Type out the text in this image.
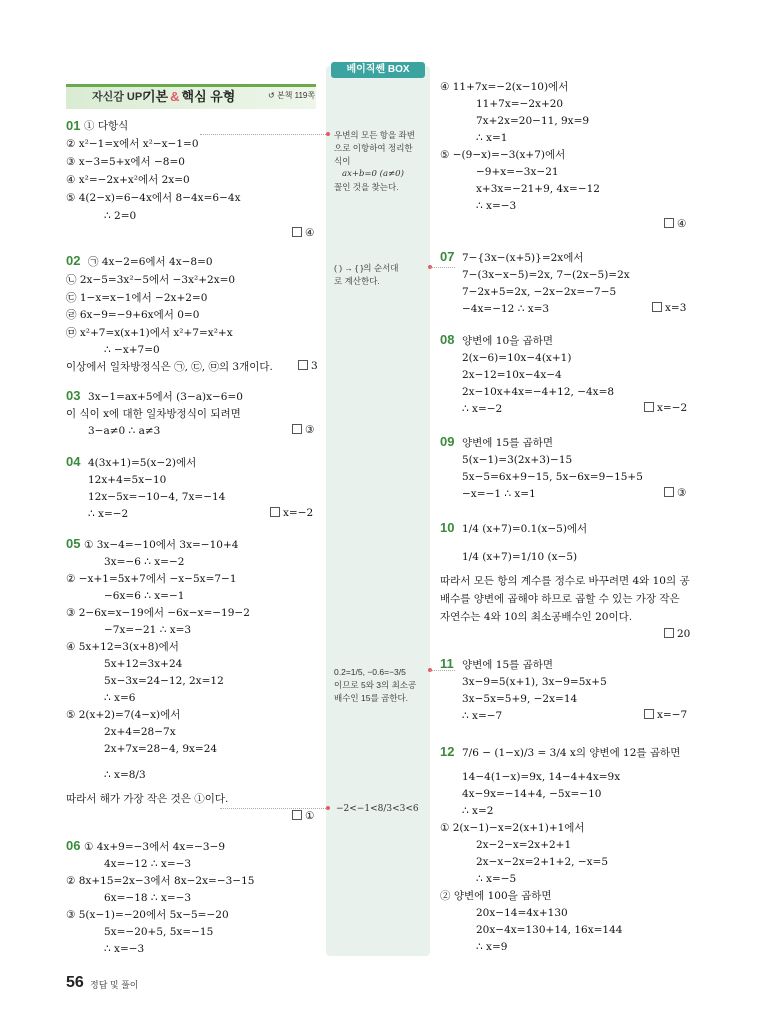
자신감 UP!
기본 & 핵심 유형	↺ 본책 119쪽
베이직쎈 BOX
우변의 모든 항을 좌변
으로 이항하여 정리한
식이
ax+b=0 (a≠0)
꼴인 것을 찾는다.
( ) → { }의 순서대
로 계산한다.
0.2=1/5, −0.6=−3/5
이므로 5와 3의 최소공
배수인 15를 곱한다.
−2<−1<8/3<3<6
01 ① 다항식
② x²−1=x에서 x²−x−1=0
③ x−3=5+x에서 −8=0
④ x²=−2x+x²에서 2x=0
⑤ 4(2−x)=6−4x에서 8−4x=6−4x
∴ 2=0
④
02 ㉠ 4x−2=6에서 4x−8=0
㉡ 2x−5=3x²−5에서 −3x²+2x=0
㉢ 1−x=x−1에서 −2x+2=0
㉣ 6x−9=−9+6x에서 0=0
㉤ x²+7=x(x+1)에서 x²+7=x²+x
∴ −x+7=0
이상에서 일차방정식은 ㉠, ㉢, ㉤의 3개이다.	3
03 3x−1=ax+5에서 (3−a)x−6=0
이 식이 x에 대한 일차방정식이 되려면
3−a≠0 ∴ a≠3	③
04 4(3x+1)=5(x−2)에서
12x+4=5x−10
12x−5x=−10−4, 7x=−14
∴ x=−2	x=−2
05 ① 3x−4=−10에서 3x=−10+4
3x=−6 ∴ x=−2
② −x+1=5x+7에서 −x−5x=7−1
−6x=6 ∴ x=−1
③ 2−6x=x−19에서 −6x−x=−19−2
−7x=−21 ∴ x=3
④ 5x+12=3(x+8)에서
5x+12=3x+24
5x−3x=24−12, 2x=12
∴ x=6
⑤ 2(x+2)=7(4−x)에서
2x+4=28−7x
2x+7x=28−4, 9x=24
∴ x=8/3
따라서 해가 가장 작은 것은 ①이다.
①
06 ① 4x+9=−3에서 4x=−3−9
4x=−12 ∴ x=−3
② 8x+15=2x−3에서 8x−2x=−3−15
6x=−18 ∴ x=−3
③ 5(x−1)=−20에서 5x−5=−20
5x=−20+5, 5x=−15
∴ x=−3
56 정답 및 풀이
④ 11+7x=−2(x−10)에서
11+7x=−2x+20
7x+2x=20−11, 9x=9
∴ x=1
⑤ −(9−x)=−3(x+7)에서
−9+x=−3x−21
x+3x=−21+9, 4x=−12
∴ x=−3
④
07 7−{3x−(x+5)}=2x에서
7−(3x−x−5)=2x, 7−(2x−5)=2x
7−2x+5=2x, −2x−2x=−7−5
−4x=−12 ∴ x=3	x=3
08 양변에 10을 곱하면
2(x−6)=10x−4(x+1)
2x−12=10x−4x−4
2x−10x+4x=−4+12, −4x=8
∴ x=−2	x=−2
09 양변에 15를 곱하면
5(x−1)=3(2x+3)−15
5x−5=6x+9−15, 5x−6x=9−15+5
−x=−1 ∴ x=1	③
10 1/4 (x+7)=0.1(x−5)에서
1/4 (x+7)=1/10 (x−5)
따라서 모든 항의 계수를 정수로 바꾸려면 4와 10의 공
배수를 양변에 곱해야 하므로 곱할 수 있는 가장 작은
자연수는 4와 10의 최소공배수인 20이다.
20
11 양변에 15를 곱하면
3x−9=5(x+1), 3x−9=5x+5
3x−5x=5+9, −2x=14
∴ x=−7	x=−7
12 7/6 − (1−x)/3 = 3/4 x의 양변에 12를 곱하면
14−4(1−x)=9x, 14−4+4x=9x
4x−9x=−14+4, −5x=−10
∴ x=2
① 2(x−1)−x=2(x+1)+1에서
2x−2−x=2x+2+1
2x−x−2x=2+1+2, −x=5
∴ x=−5
② 양변에 100을 곱하면
20x−14=4x+130
20x−4x=130+14, 16x=144
∴ x=9
